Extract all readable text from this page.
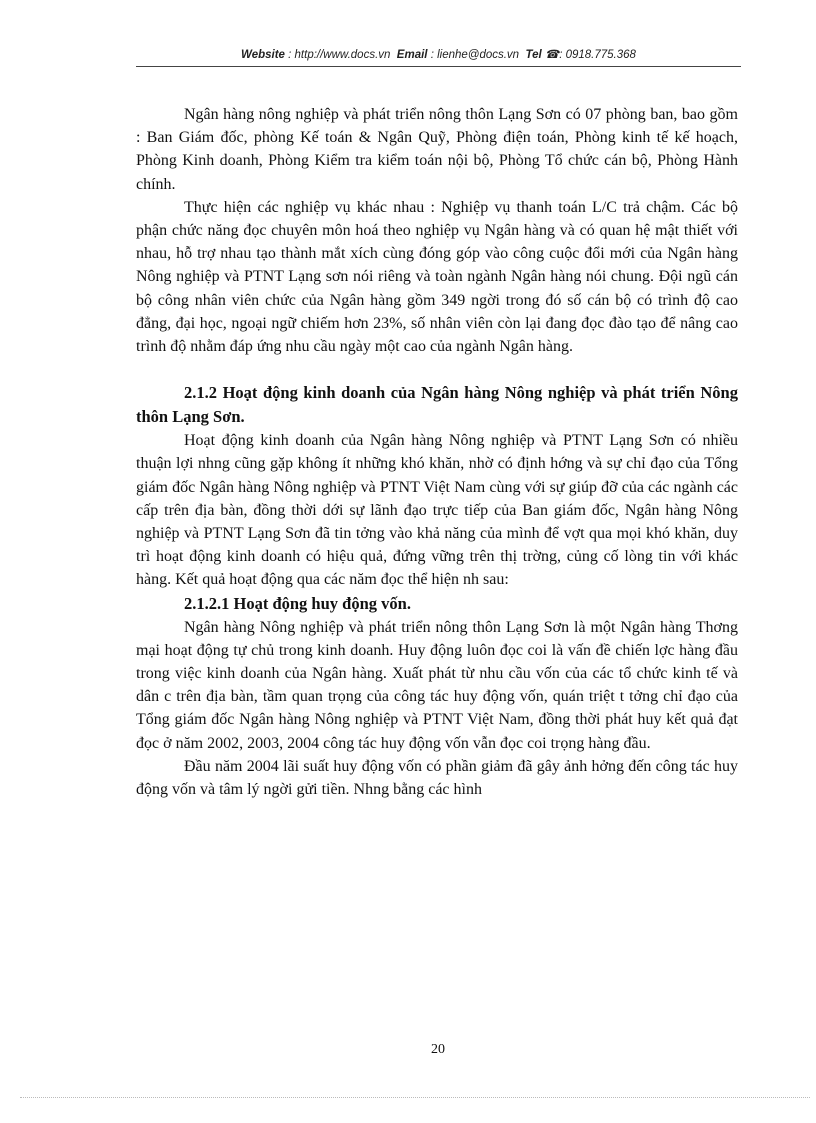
Website : http://www.docs.vn Email : lienhe@docs.vn Tel ☎: 0918.775.368

Ngân hàng nông nghiệp và phát triển nông thôn Lạng Sơn có 07 phòng ban, bao gồm : Ban Giám đốc, phòng Kế toán & Ngân Quỹ, Phòng điện toán, Phòng kinh tế kế hoạch, Phòng Kinh doanh, Phòng Kiểm tra kiểm toán nội bộ, Phòng Tổ chức cán bộ, Phòng Hành chính.

Thực hiện các nghiệp vụ khác nhau : Nghiệp vụ thanh toán L/C trả chậm. Các bộ phận chức năng đọc chuyên môn hoá theo nghiệp vụ Ngân hàng và có quan hệ mật thiết với nhau, hỗ trợ nhau tạo thành mắt xích cùng đóng góp vào công cuộc đổi mới của Ngân hàng Nông nghiệp và PTNT Lạng sơn nói riêng và toàn ngành Ngân hàng nói chung. Đội ngũ cán bộ công nhân viên chức của Ngân hàng gồm 349 ngời trong đó số cán bộ có trình độ cao đẳng, đại học, ngoại ngữ chiếm hơn 23%, số nhân viên còn lại đang đọc đào tạo để nâng cao trình độ nhằm đáp ứng nhu cầu ngày một cao của ngành Ngân hàng.

2.1.2 Hoạt động kinh doanh của Ngân hàng Nông nghiệp và phát triển Nông thôn Lạng Sơn.

Hoạt động kinh doanh của Ngân hàng Nông nghiệp và PTNT Lạng Sơn có nhiều thuận lợi nhng cũng gặp không ít những khó khăn, nhờ có định hớng và sự chỉ đạo của Tổng giám đốc Ngân hàng Nông nghiệp và PTNT Việt Nam cùng với sự giúp đỡ của các ngành các cấp trên địa bàn, đồng thời dới sự lãnh đạo trực tiếp của Ban giám đốc, Ngân hàng Nông nghiệp và PTNT Lạng Sơn đã tin tởng vào khả năng của mình để vợt qua mọi khó khăn, duy trì hoạt động kinh doanh có hiệu quả, đứng vững trên thị trờng, củng cố lòng tin với khác hàng. Kết quả hoạt động qua các năm đọc thể hiện nh sau:

2.1.2.1 Hoạt động huy động vốn.

Ngân hàng Nông nghiệp và phát triển nông thôn Lạng Sơn là một Ngân hàng Thơng mại hoạt động tự chủ trong kinh doanh. Huy động luôn đọc coi là vấn đề chiến lợc hàng đầu trong việc kinh doanh của Ngân hàng. Xuất phát từ nhu cầu vốn của các tổ chức kinh tế và dân c trên địa bàn, tầm quan trọng của công tác huy động vốn, quán triệt t tởng chỉ đạo của Tổng giám đốc Ngân hàng Nông nghiệp và PTNT Việt Nam, đồng thời phát huy kết quả đạt đọc ở năm 2002, 2003, 2004 công tác huy động vốn vẫn đọc coi trọng hàng đầu.

Đầu năm 2004 lãi suất huy động vốn có phần giảm đã gây ảnh hởng đến công tác huy động vốn và tâm lý ngời gửi tiền. Nhng bằng các hình

20
